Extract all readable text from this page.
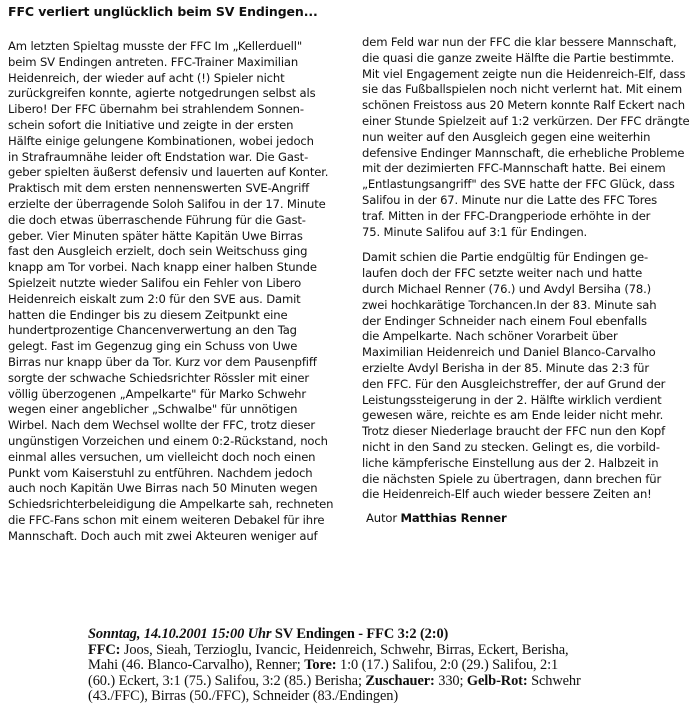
FFC verliert unglücklich beim SV Endingen...
Am letzten Spieltag musste der FFC Im „Kellerduell"
beim SV Endingen antreten. FFC-Trainer Maximilian
Heidenreich, der wieder auf acht (!) Spieler nicht
zurückgreifen konnte, agierte notgedrungen selbst als
Libero! Der FFC übernahm bei strahlendem Sonnen-
schein sofort die Initiative und zeigte in der ersten
Hälfte einige gelungene Kombinationen, wobei jedoch
in Strafraumnähe leider oft Endstation war. Die Gast-
geber spielten äußerst defensiv und lauerten auf Konter.
Praktisch mit dem ersten nennenswerten SVE-Angriff
erzielte der überragende Soloh Salifou in der 17. Minute
die doch etwas überraschende Führung für die Gast-
geber. Vier Minuten später hätte Kapitän Uwe Birras
fast den Ausgleich erzielt, doch sein Weitschuss ging
knapp am Tor vorbei. Nach knapp einer halben Stunde
Spielzeit nutzte wieder Salifou ein Fehler von Libero
Heidenreich eiskalt zum 2:0 für den SVE aus. Damit
hatten die Endinger bis zu diesem Zeitpunkt eine
hundertprozentige Chancenverwertung an den Tag
gelegt. Fast im Gegenzug ging ein Schuss von Uwe
Birras nur knapp über da Tor. Kurz vor dem Pausenpfiff
sorgte der schwache Schiedsrichter Rössler mit einer
völlig überzogenen „Ampelkarte" für Marko Schwehr
wegen einer angeblicher „Schwalbe" für unnötigen
Wirbel. Nach dem Wechsel wollte der FFC, trotz dieser
ungünstigen Vorzeichen und einem 0:2-Rückstand, noch
einmal alles versuchen, um vielleicht doch noch einen
Punkt vom Kaiserstuhl zu entführen. Nachdem jedoch
auch noch Kapitän Uwe Birras nach 50 Minuten wegen
Schiedsrichterbeleidigung die Ampelkarte sah, rechneten
die FFC-Fans schon mit einem weiteren Debakel für ihre
Mannschaft. Doch auch mit zwei Akteuren weniger auf
dem Feld war nun der FFC die klar bessere Mannschaft,
die quasi die ganze zweite Hälfte die Partie bestimmte.
Mit viel Engagement zeigte nun die Heidenreich-Elf, dass
sie das Fußballspielen noch nicht verlernt hat. Mit einem
schönen Freistoss aus 20 Metern konnte Ralf Eckert nach
einer Stunde Spielzeit auf 1:2 verkürzen. Der FFC drängte
nun weiter auf den Ausgleich gegen eine weiterhin
defensive Endinger Mannschaft, die erhebliche Probleme
mit der dezimierten FFC-Mannschaft hatte. Bei einem
„Entlastungsangriff" des SVE hatte der FFC Glück, dass
Salifou in der 67. Minute nur die Latte des FFC Tores
traf. Mitten in der FFC-Drangperiode erhöhte in der
75. Minute Salifou auf 3:1 für Endingen.
Damit schien die Partie endgültig für Endingen ge-
laufen doch der FFC setzte weiter nach und hatte
durch Michael Renner (76.) und Avdyl Bersiha (78.)
zwei hochkarätige Torchancen.In der 83. Minute sah
der Endinger Schneider nach einem Foul ebenfalls
die Ampelkarte. Nach schöner Vorarbeit über
Maximilian Heidenreich und Daniel Blanco-Carvalho
erzielte Avdyl Berisha in der 85. Minute das 2:3 für
den FFC. Für den Ausgleichstreffer, der auf Grund der
Leistungssteigerung in der 2. Hälfte wirklich verdient
gewesen wäre, reichte es am Ende leider nicht mehr.
Trotz dieser Niederlage braucht der FFC nun den Kopf
nicht in den Sand zu stecken. Gelingt es, die vorbild-
liche kämpferische Einstellung aus der 2. Halbzeit in
die nächsten Spiele zu übertragen, dann brechen für
die Heidenreich-Elf auch wieder bessere Zeiten an!
Autor Matthias Renner
Sonntag, 14.10.2001 15:00 Uhr SV Endingen - FFC 3:2 (2:0)
FFC: Joos, Sieah, Terzioglu, Ivancic, Heidenreich, Schwehr, Birras, Eckert, Berisha,
Mahi (46. Blanco-Carvalho), Renner; Tore: 1:0 (17.) Salifou, 2:0 (29.) Salifou, 2:1
(60.) Eckert, 3:1 (75.) Salifou, 3:2 (85.) Berisha; Zuschauer: 330; Gelb-Rot: Schwehr
(43./FFC), Birras (50./FFC), Schneider (83./Endingen)
